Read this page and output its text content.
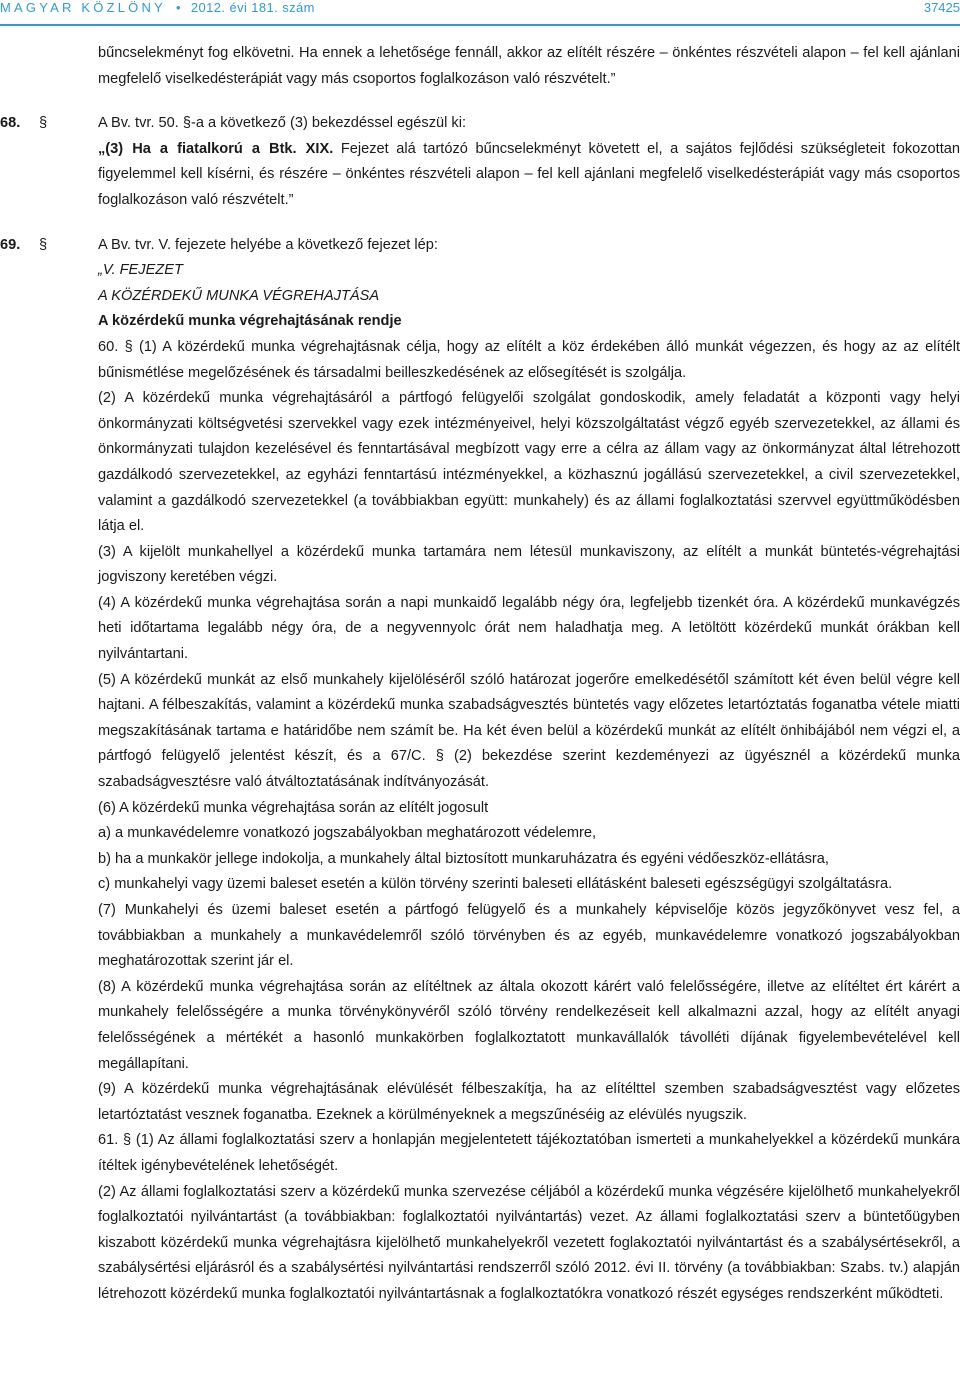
MAGYAR KÖZLÖNY • 2012. évi 181. szám	37425

bűncselekményt fog elkövetni. Ha ennek a lehetősége fennáll, akkor az elítélt részére – önkéntes részvételi alapon – fel kell ajánlani megfelelő viselkedésterápiát vagy más csoportos foglalkozáson való részvételt.”

68. §	A Bv. tvr. 50. §-a a következő (3) bekezdéssel egészül ki:

„(3) Ha a fiatalkorú a Btk. XIX. Fejezet alá tartózó bűncselekményt követett el, a sajátos fejlődési szükségleteit fokozottan figyelemmel kell kísérni, és részére – önkéntes részvételi alapon – fel kell ajánlani megfelelő viselkedésterápiát vagy más csoportos foglalkozáson való részvételt.”

69. §	A Bv. tvr. V. fejezete helyébe a következő fejezet lép:

„V. FEJEZET

A KÖZÉRDEKŰ MUNKA VÉGREHAJTÁSA

A közérdekű munka végrehajtásának rendje

60. § (1) A közérdekű munka végrehajtásnak célja, hogy az elítélt a köz érdekében álló munkát végezzen, és hogy az az elítélt bűnismétlése megelőzésének és társadalmi beilleszkedésének az elősegítését is szolgálja.

(2) A közérdekű munka végrehajtásáról a pártfogó felügyelői szolgálat gondoskodik, amely feladatát a központi vagy helyi önkormányzati költségvetési szervekkel vagy ezek intézményeivel, helyi közszolgáltatást végző egyéb szervezetekkel, az állami és önkormányzati tulajdon kezelésével és fenntartásával megbízott vagy erre a célra az állam vagy az önkormányzat által létrehozott gazdálkodó szervezetekkel, az egyházi fenntartású intézményekkel, a közhasznú jogállású szervezetekkel, a civil szervezetekkel, valamint a gazdálkodó szervezetekkel (a továbbiakban együtt: munkahely) és az állami foglalkoztatási szervvel együttműködésben látja el.

(3) A kijelölt munkahellyel a közérdekű munka tartamára nem létesül munkaviszony, az elítélt a munkát büntetés-végrehajtási jogviszony keretében végzi.

(4) A közérdekű munka végrehajtása során a napi munkaidő legalább négy óra, legfeljebb tizenkét óra. A közérdekű munkavégzés heti időtartama legalább négy óra, de a negyvennyolc órát nem haladhatja meg. A letöltött közérdekű munkát órákban kell nyilvántartani.

(5) A közérdekű munkát az első munkahely kijelöléséről szóló határozat jogerőre emelkedésétől számított két éven belül végre kell hajtani. A félbeszakítás, valamint a közérdekű munka szabadságvesztés büntetés vagy előzetes letartóztatás foganatba vétele miatti megszakításának tartama e határidőbe nem számít be. Ha két éven belül a közérdekű munkát az elítélt önhibájából nem végzi el, a pártfogó felügyelő jelentést készít, és a 67/C. § (2) bekezdése szerint kezdeményezi az ügyésznél a közérdekű munka szabadságvesztésre való átváltoztatásának indítványozását.

(6) A közérdekű munka végrehajtása során az elítélt jogosult

a) a munkavédelemre vonatkozó jogszabályokban meghatározott védelemre,

b) ha a munkakör jellege indokolja, a munkahely által biztosított munkaruházatra és egyéni védőeszköz-ellátásra,

c) munkahelyi vagy üzemi baleset esetén a külön törvény szerinti baleseti ellátásként baleseti egészségügyi szolgáltatásra.

(7) Munkahelyi és üzemi baleset esetén a pártfogó felügyelő és a munkahely képviselője közös jegyzőkönyvet vesz fel, a továbbiakban a munkahely a munkavédelemről szóló törvényben és az egyéb, munkavédelemre vonatkozó jogszabályokban meghatározottak szerint jár el.

(8) A közérdekű munka végrehajtása során az elítéltnek az általa okozott kárért való felelősségére, illetve az elítéltet ért kárért a munkahely felelősségére a munka törvénykönyvéről szóló törvény rendelkezéseit kell alkalmazni azzal, hogy az elítélt anyagi felelősségének a mértékét a hasonló munkakörben foglalkoztatott munkavállalók távolléti díjának figyelembevételével kell megállapítani.

(9) A közérdekű munka végrehajtásának elévülését félbeszakítja, ha az elítélttel szemben szabadságvesztést vagy előzetes letartóztatást vesznek foganatba. Ezeknek a körülményeknek a megszűnéséig az elévülés nyugszik.

61. § (1) Az állami foglalkoztatási szerv a honlapján megjelentetett tájékoztatóban ismerteti a munkahelyekkel a közérdekű munkára ítéltek igénybevételének lehetőségét.

(2) Az állami foglalkoztatási szerv a közérdekű munka szervezése céljából a közérdekű munka végzésére kijelölhető munkahelyekről foglalkoztatói nyilvántartást (a továbbiakban: foglalkoztatói nyilvántartás) vezet. Az állami foglalkoztatási szerv a büntetőügyben kiszabott közérdekű munka végrehajtásra kijelölhető munkahelyekről vezetett foglakoztatói nyilvántartást és a szabálysértésekről, a szabálysértési eljárásról és a szabálysértési nyilvántartási rendszerről szóló 2012. évi II. törvény (a továbbiakban: Szabs. tv.) alapján létrehozott közérdekű munka foglalkoztatói nyilvántartásnak a foglalkoztatókra vonatkozó részét egységes rendszerként működteti.
